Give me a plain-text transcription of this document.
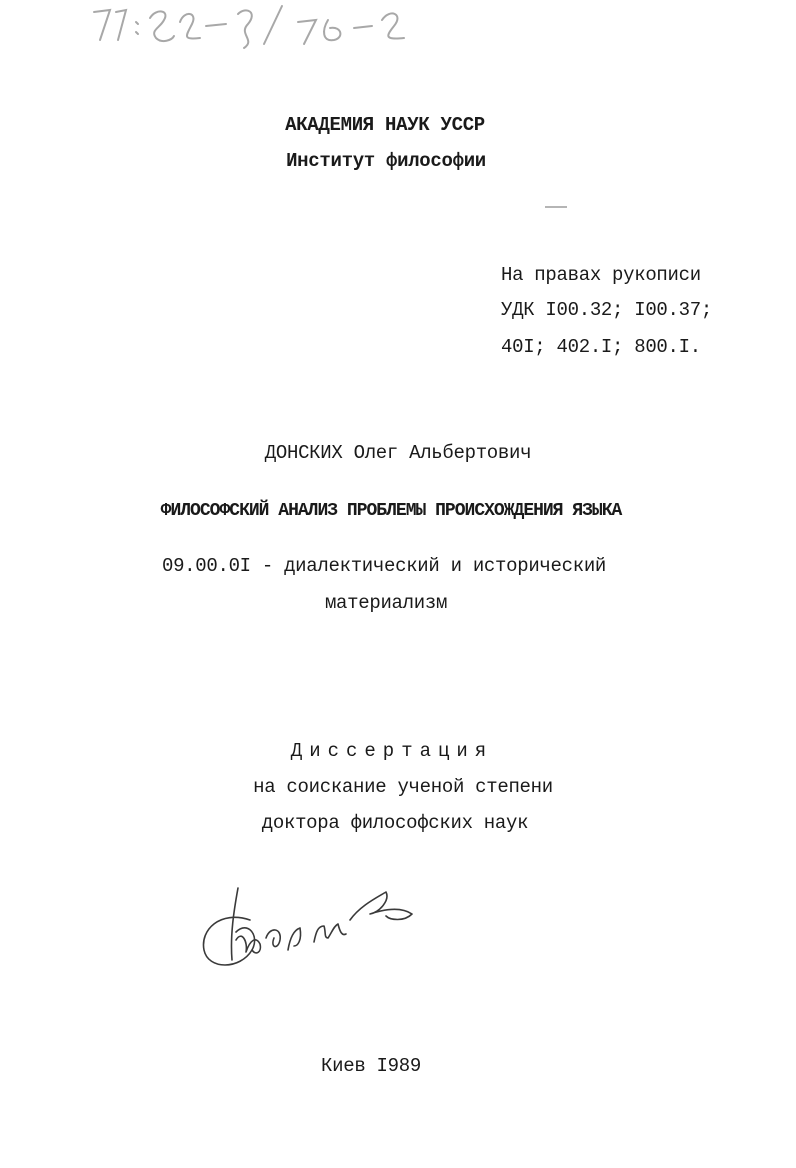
АКАДЕМИЯ НАУК УССР
Институт философии
На правах рукописи
УДК I00.32; I00.37;
40I; 402.I; 800.I.
ДОНСКИХ Олег Альбертович
ФИЛОСОФСКИЙ АНАЛИЗ ПРОБЛЕМЫ ПРОИСХОЖДЕНИЯ ЯЗЫКА
09.00.0I - диалектический и исторический
материализм
Диссертация
на соискание ученой степени
доктора философских наук
Киев I989
